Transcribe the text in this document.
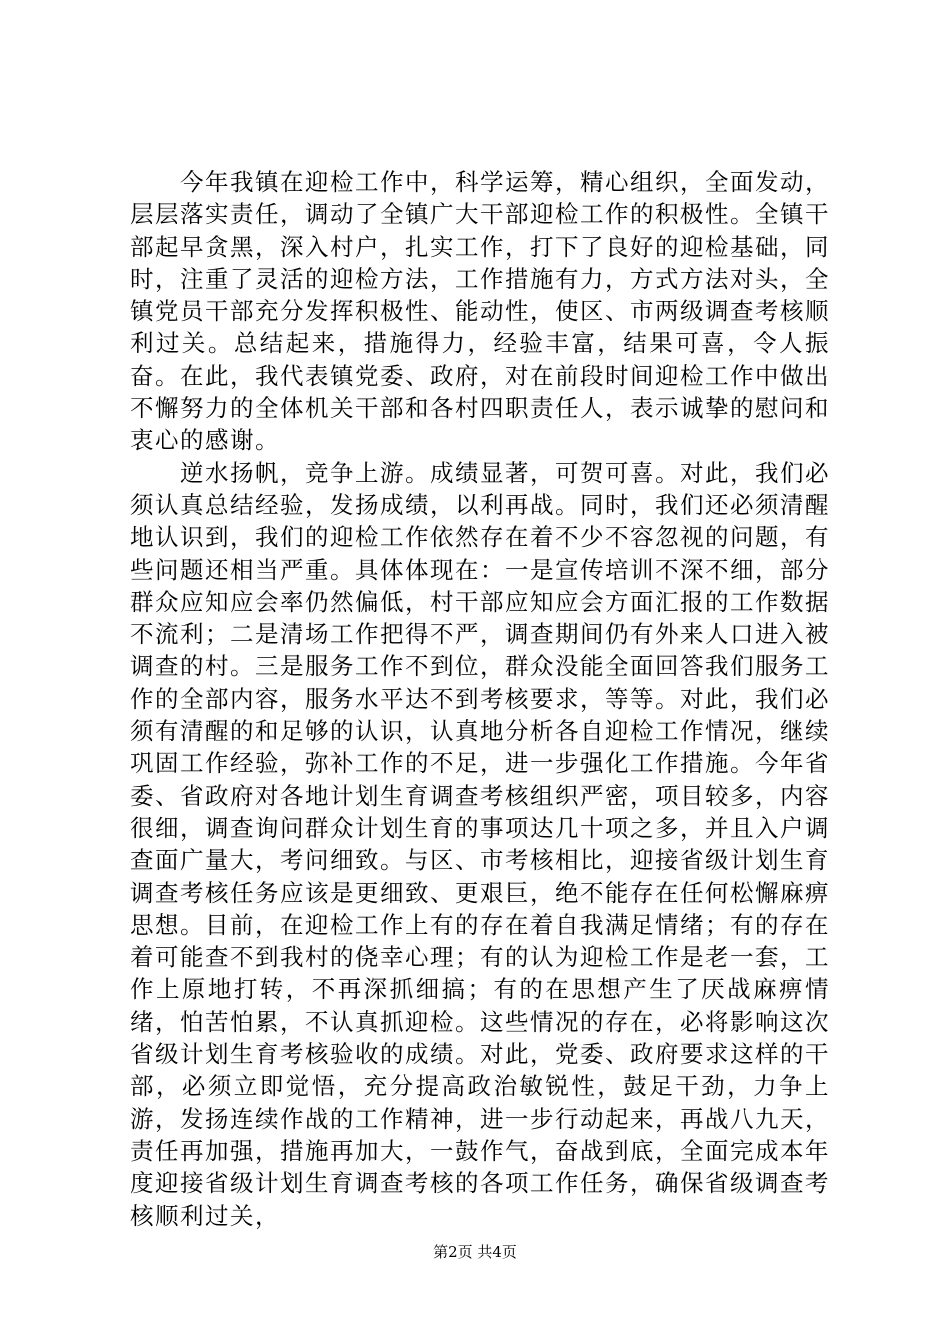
今年我镇在迎检工作中，科学运筹，精心组织，全面发动，层层落实责任，调动了全镇广大干部迎检工作的积极性。全镇干部起早贪黑，深入村户，扎实工作，打下了良好的迎检基础，同时，注重了灵活的迎检方法，工作措施有力，方式方法对头，全镇党员干部充分发挥积极性、能动性，使区、市两级调查考核顺利过关。总结起来，措施得力，经验丰富，结果可喜，令人振奋。在此，我代表镇党委、政府，对在前段时间迎检工作中做出不懈努力的全体机关干部和各村四职责任人，表示诚挚的慰问和衷心的感谢。

逆水扬帆，竞争上游。成绩显著，可贺可喜。对此，我们必须认真总结经验，发扬成绩，以利再战。同时，我们还必须清醒地认识到，我们的迎检工作依然存在着不少不容忽视的问题，有些问题还相当严重。具体体现在：一是宣传培训不深不细，部分群众应知应会率仍然偏低，村干部应知应会方面汇报的工作数据不流利；二是清场工作把得不严，调查期间仍有外来人口进入被调查的村。三是服务工作不到位，群众没能全面回答我们服务工作的全部内容，服务水平达不到考核要求，等等。对此，我们必须有清醒的和足够的认识，认真地分析各自迎检工作情况，继续巩固工作经验，弥补工作的不足，进一步强化工作措施。今年省委、省政府对各地计划生育调查考核组织严密，项目较多，内容很细，调查询问群众计划生育的事项达几十项之多，并且入户调查面广量大，考问细致。与区、市考核相比，迎接省级计划生育调查考核任务应该是更细致、更艰巨，绝不能存在任何松懈麻痹思想。目前，在迎检工作上有的存在着自我满足情绪；有的存在着可能查不到我村的侥幸心理；有的认为迎检工作是老一套，工作上原地打转，不再深抓细搞；有的在思想产生了厌战麻痹情绪，怕苦怕累，不认真抓迎检。这些情况的存在，必将影响这次省级计划生育考核验收的成绩。对此，党委、政府要求这样的干部，必须立即觉悟，充分提高政治敏锐性，鼓足干劲，力争上游，发扬连续作战的工作精神，进一步行动起来，再战八九天，责任再加强，措施再加大，一鼓作气，奋战到底，全面完成本年度迎接省级计划生育调查考核的各项工作任务，确保省级调查考核顺利过关，

第2页 共4页
